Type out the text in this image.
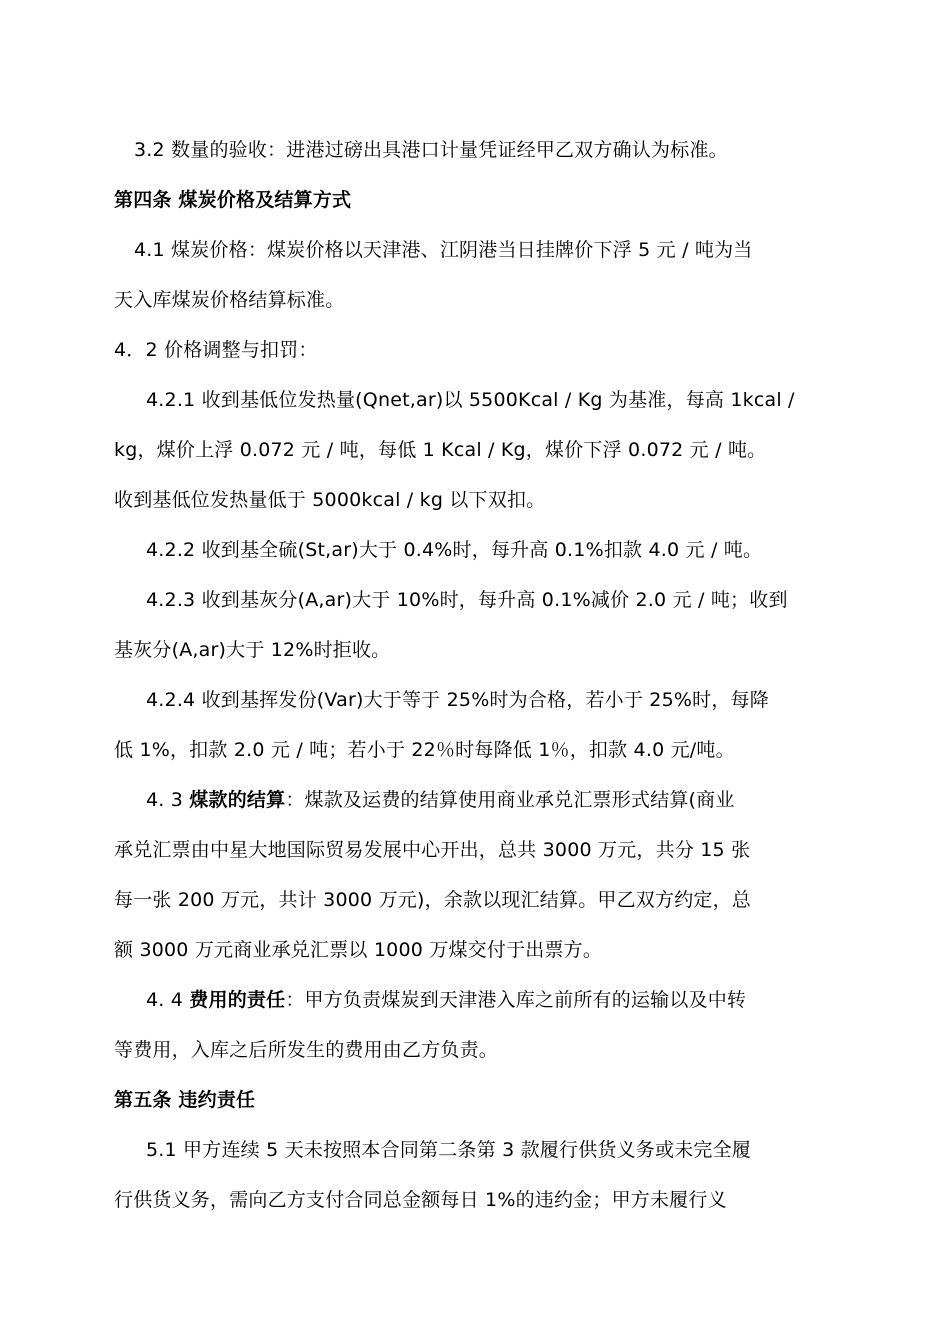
3.2 数量的验收：进港过磅出具港口计量凭证经甲乙双方确认为标准。
第四条 煤炭价格及结算方式
4.1 煤炭价格：煤炭价格以天津港、江阴港当日挂牌价下浮 5 元 / 吨为当
天入库煤炭价格结算标准。
4．2 价格调整与扣罚：
4.2.1 收到基低位发热量(Qnet,ar)以 5500Kcal / Kg 为基准，每高 1kcal /
kg，煤价上浮 0.072 元 / 吨，每低 1 Kcal / Kg，煤价下浮 0.072 元 / 吨。
收到基低位发热量低于 5000kcal / kg 以下双扣。
4.2.2 收到基全硫(St,ar)大于 0.4%时，每升高 0.1%扣款 4.0 元 / 吨。
4.2.3 收到基灰分(A,ar)大于 10%时，每升高 0.1%减价 2.0 元 / 吨；收到
基灰分(A,ar)大于 12%时拒收。
4.2.4 收到基挥发份(Var)大于等于 25%时为合格，若小于 25%时，每降
低 1%，扣款 2.0 元 / 吨；若小于 22％时每降低 1％，扣款 4.0 元/吨。
4. 3 煤款的结算：煤款及运费的结算使用商业承兑汇票形式结算(商业
承兑汇票由中星大地国际贸易发展中心开出，总共 3000 万元，共分 15 张
每一张 200 万元，共计 3000 万元)，余款以现汇结算。甲乙双方约定，总
额 3000 万元商业承兑汇票以 1000 万煤交付于出票方。
4. 4 费用的责任：甲方负责煤炭到天津港入库之前所有的运输以及中转
等费用，入库之后所发生的费用由乙方负责。
第五条 违约责任
5.1 甲方连续 5 天未按照本合同第二条第 3 款履行供货义务或未完全履
行供货义务，需向乙方支付合同总金额每日 1%的违约金；甲方未履行义
